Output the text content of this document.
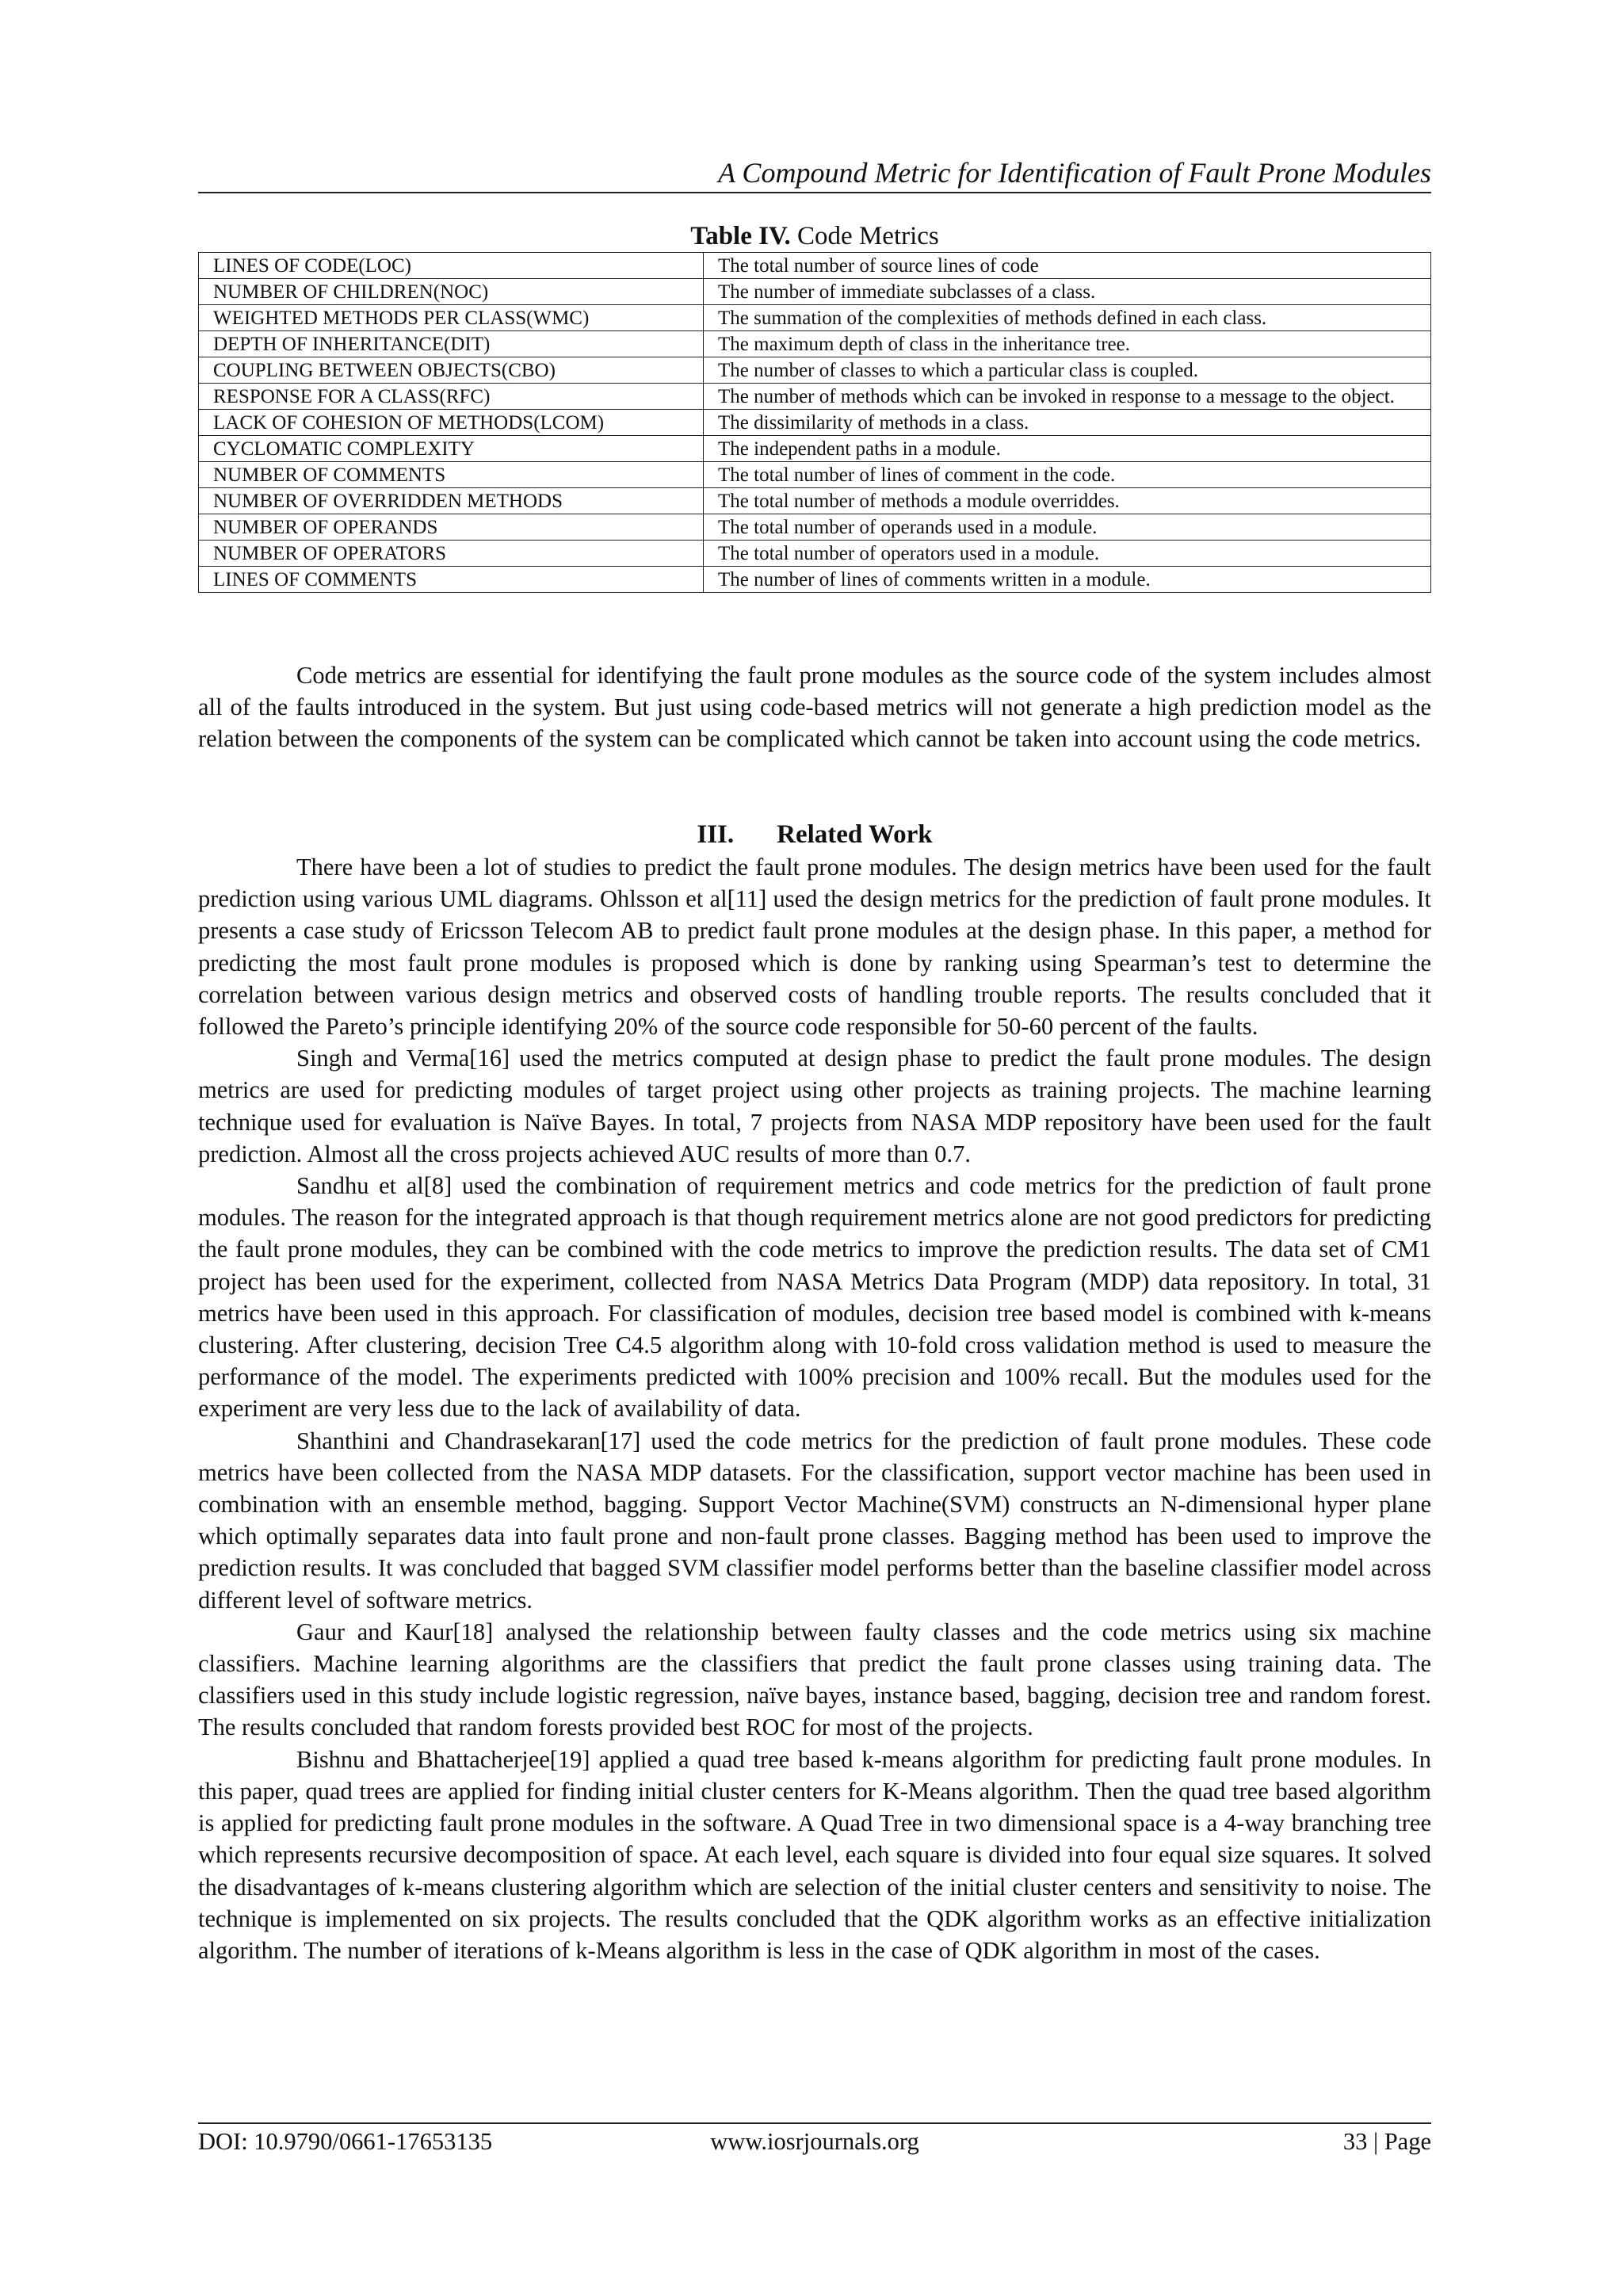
A Compound Metric for Identification of Fault Prone Modules
Table IV. Code Metrics
LINES OF CODE(LOC)	The total number of source lines of code
NUMBER OF CHILDREN(NOC)	The number of immediate subclasses of a class.
WEIGHTED METHODS PER CLASS(WMC)	The summation of the complexities of methods defined in each class.
DEPTH OF INHERITANCE(DIT)	The maximum depth of class in the inheritance tree.
COUPLING BETWEEN OBJECTS(CBO)	The number of classes to which a particular class is coupled.
RESPONSE FOR A CLASS(RFC)	The number of methods which can be invoked in response to a message to the object.
LACK OF COHESION OF METHODS(LCOM)	The dissimilarity of methods in a class.
CYCLOMATIC COMPLEXITY	The independent paths in a module.
NUMBER OF COMMENTS	The total number of lines of comment in the code.
NUMBER OF OVERRIDDEN METHODS	The total number of methods a module overriddes.
NUMBER OF OPERANDS	The total number of operands used in a module.
NUMBER OF OPERATORS	The total number of operators used in a module.
LINES OF COMMENTS	The number of lines of comments written in a module.

Code metrics are essential for identifying the fault prone modules as the source code of the system includes almost all of the faults introduced in the system. But just using code-based metrics will not generate a high prediction model as the relation between the components of the system can be complicated which cannot be taken into account using the code metrics.

III. Related Work

There have been a lot of studies to predict the fault prone modules. The design metrics have been used for the fault prediction using various UML diagrams. Ohlsson et al[11] used the design metrics for the prediction of fault prone modules. It presents a case study of Ericsson Telecom AB to predict fault prone modules at the design phase. In this paper, a method for predicting the most fault prone modules is proposed which is done by ranking using Spearman’s test to determine the correlation between various design metrics and observed costs of handling trouble reports. The results concluded that it followed the Pareto’s principle identifying 20% of the source code responsible for 50-60 percent of the faults.

Singh and Verma[16] used the metrics computed at design phase to predict the fault prone modules. The design metrics are used for predicting modules of target project using other projects as training projects. The machine learning technique used for evaluation is Naïve Bayes. In total, 7 projects from NASA MDP repository have been used for the fault prediction. Almost all the cross projects achieved AUC results of more than 0.7.

Sandhu et al[8] used the combination of requirement metrics and code metrics for the prediction of fault prone modules. The reason for the integrated approach is that though requirement metrics alone are not good predictors for predicting the fault prone modules, they can be combined with the code metrics to improve the prediction results. The data set of CM1 project has been used for the experiment, collected from NASA Metrics Data Program (MDP) data repository. In total, 31 metrics have been used in this approach. For classification of modules, decision tree based model is combined with k-means clustering. After clustering, decision Tree C4.5 algorithm along with 10-fold cross validation method is used to measure the performance of the model. The experiments predicted with 100% precision and 100% recall. But the modules used for the experiment are very less due to the lack of availability of data.

Shanthini and Chandrasekaran[17] used the code metrics for the prediction of fault prone modules. These code metrics have been collected from the NASA MDP datasets. For the classification, support vector machine has been used in combination with an ensemble method, bagging. Support Vector Machine(SVM) constructs an N-dimensional hyper plane which optimally separates data into fault prone and non-fault prone classes. Bagging method has been used to improve the prediction results. It was concluded that bagged SVM classifier model performs better than the baseline classifier model across different level of software metrics.

Gaur and Kaur[18] analysed the relationship between faulty classes and the code metrics using six machine classifiers. Machine learning algorithms are the classifiers that predict the fault prone classes using training data. The classifiers used in this study include logistic regression, naïve bayes, instance based, bagging, decision tree and random forest. The results concluded that random forests provided best ROC for most of the projects.

Bishnu and Bhattacherjee[19] applied a quad tree based k-means algorithm for predicting fault prone modules. In this paper, quad trees are applied for finding initial cluster centers for K-Means algorithm. Then the quad tree based algorithm is applied for predicting fault prone modules in the software. A Quad Tree in two dimensional space is a 4-way branching tree which represents recursive decomposition of space. At each level, each square is divided into four equal size squares. It solved the disadvantages of k-means clustering algorithm which are selection of the initial cluster centers and sensitivity to noise. The technique is implemented on six projects. The results concluded that the QDK algorithm works as an effective initialization algorithm. The number of iterations of k-Means algorithm is less in the case of QDK algorithm in most of the cases.

DOI: 10.9790/0661-17653135	www.iosrjournals.org	33 | Page
